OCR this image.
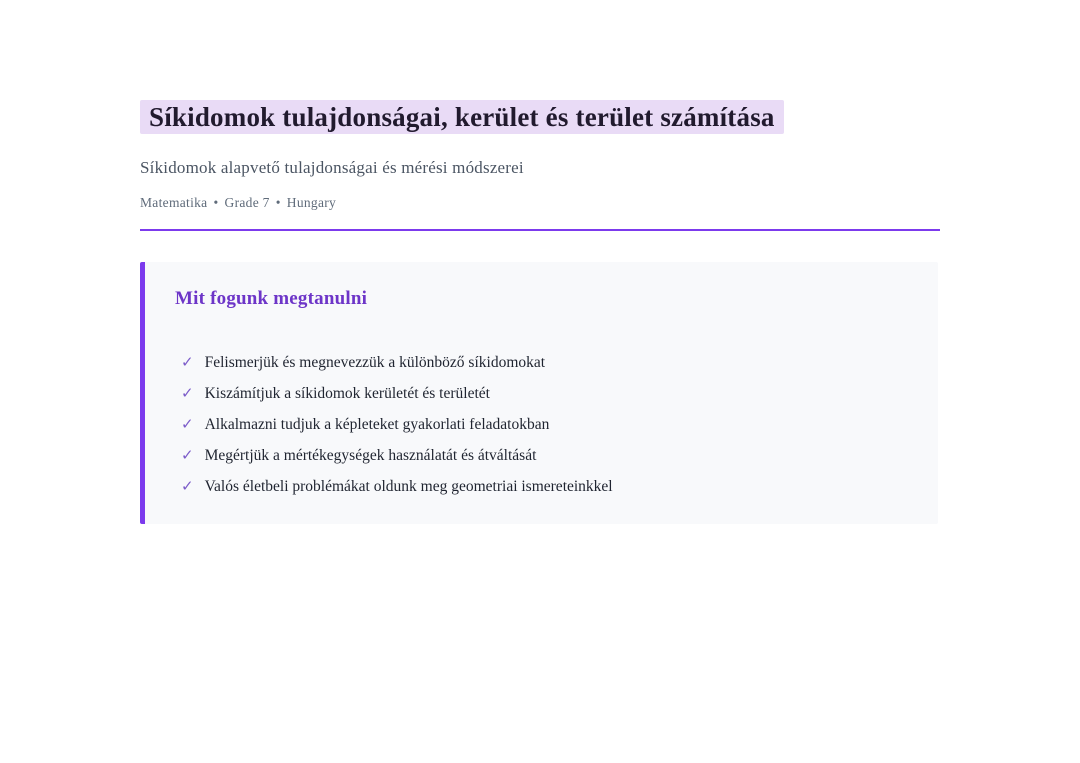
Síkidomok tulajdonságai, kerület és terület számítása
Síkidomok alapvető tulajdonságai és mérési módszerei
Matematika • Grade 7 • Hungary
Mit fogunk megtanulni
✓ Felismerjük és megnevezzük a különböző síkidomokat
✓ Kiszámítjuk a síkidomok kerületét és területét
✓ Alkalmazni tudjuk a képleteket gyakorlati feladatokban
✓ Megértjük a mértékegységek használatát és átváltását
✓ Valós életbeli problémákat oldunk meg geometriai ismereteinkkel
